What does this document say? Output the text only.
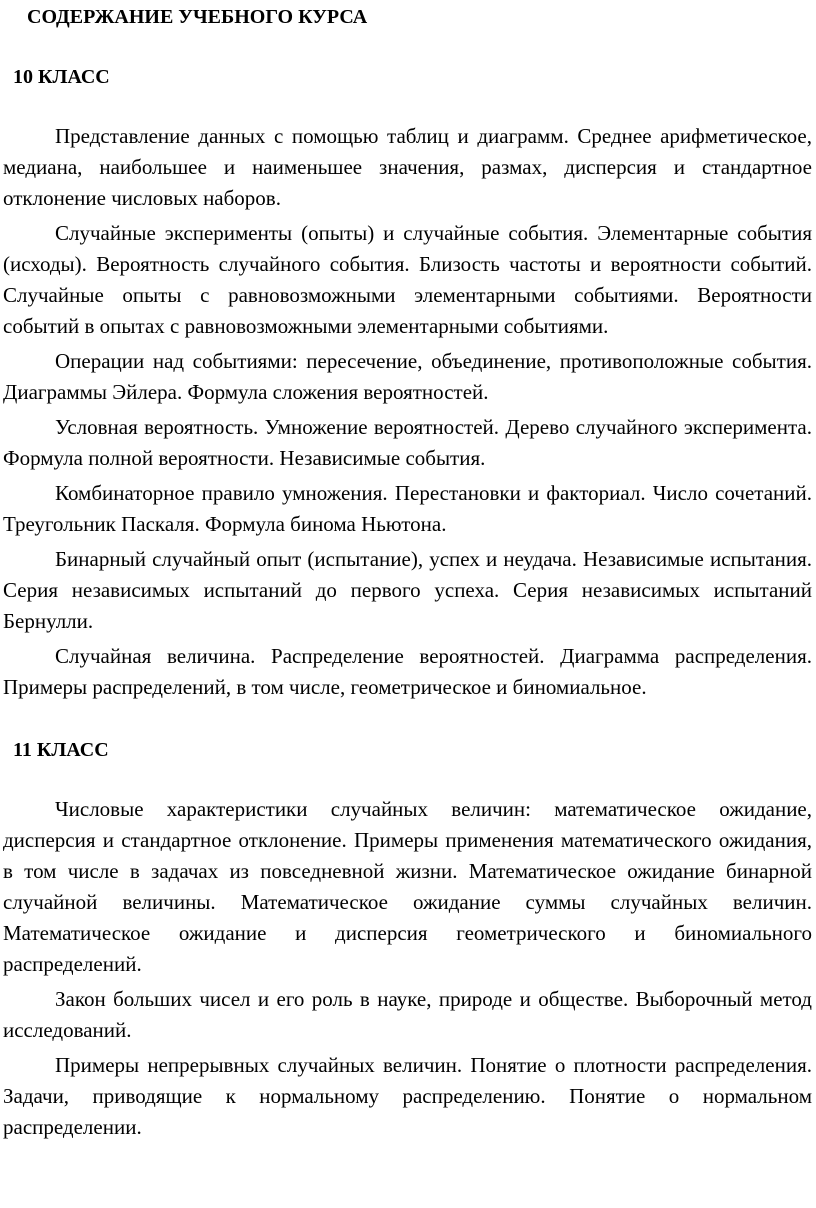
СОДЕРЖАНИЕ УЧЕБНОГО КУРСА
10 КЛАСС

Представление данных с помощью таблиц и диаграмм. Среднее арифметическое, медиана, наибольшее и наименьшее значения, размах, дисперсия и стандартное отклонение числовых наборов.

Случайные эксперименты (опыты) и случайные события. Элементарные события (исходы). Вероятность случайного события. Близость частоты и вероятности событий. Случайные опыты с равновозможными элементарными событиями. Вероятности событий в опытах с равновозможными элементарными событиями.

Операции над событиями: пересечение, объединение, противоположные события. Диаграммы Эйлера. Формула сложения вероятностей.

Условная вероятность. Умножение вероятностей. Дерево случайного эксперимента. Формула полной вероятности. Независимые события.

Комбинаторное правило умножения. Перестановки и факториал. Число сочетаний. Треугольник Паскаля. Формула бинома Ньютона.

Бинарный случайный опыт (испытание), успех и неудача. Независимые испытания. Серия независимых испытаний до первого успеха. Серия независимых испытаний Бернулли.

Случайная величина. Распределение вероятностей. Диаграмма распределения. Примеры распределений, в том числе, геометрическое и биномиальное.

11 КЛАСС

Числовые характеристики случайных величин: математическое ожидание, дисперсия и стандартное отклонение. Примеры применения математического ожидания, в том числе в задачах из повседневной жизни. Математическое ожидание бинарной случайной величины. Математическое ожидание суммы случайных величин. Математическое ожидание и дисперсия геометрического и биномиального распределений.

Закон больших чисел и его роль в науке, природе и обществе. Выборочный метод исследований.

Примеры непрерывных случайных величин. Понятие о плотности распределения. Задачи, приводящие к нормальному распределению. Понятие о нормальном распределении.
